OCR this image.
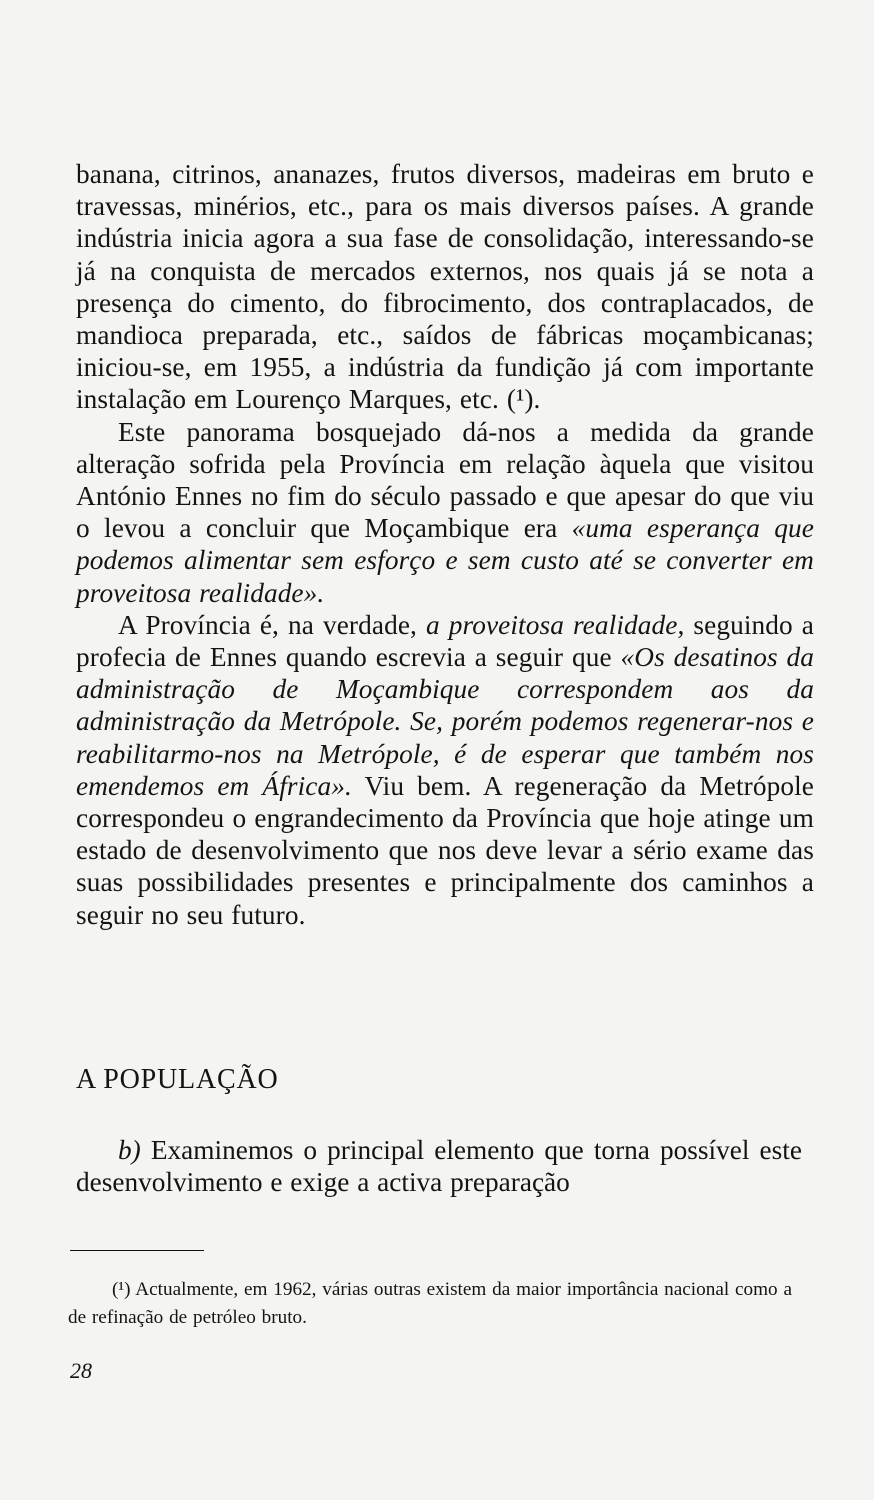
banana, citrinos, ananazes, frutos diversos, madeiras em bruto e travessas, minérios, etc., para os mais diversos países. A grande indústria inicia agora a sua fase de consolidação, interessando-se já na conquista de mercados externos, nos quais já se nota a presença do cimento, do fibrocimento, dos contraplacados, de mandioca preparada, etc., saídos de fábricas moçambicanas; iniciou-se, em 1955, a indústria da fundição já com importante instalação em Lourenço Marques, etc. (¹).

Este panorama bosquejado dá-nos a medida da grande alteração sofrida pela Província em relação àquela que visitou António Ennes no fim do século passado e que apesar do que viu o levou a concluir que Moçambique era «uma esperança que podemos alimentar sem esforço e sem custo até se converter em proveitosa realidade».

A Província é, na verdade, a proveitosa realidade, seguindo a profecia de Ennes quando escrevia a seguir que «Os desatinos da administração de Moçambique correspondem aos da administração da Metrópole. Se, porém podemos regenerar-nos e reabilitarmo-nos na Metrópole, é de esperar que também nos emendemos em África». Viu bem. A regeneração da Metrópole correspondeu o engrandecimento da Província que hoje atinge um estado de desenvolvimento que nos deve levar a sério exame das suas possibilidades presentes e principalmente dos caminhos a seguir no seu futuro.

A POPULAÇÃO

b) Examinemos o principal elemento que torna possível este desenvolvimento e exige a activa preparação

(¹) Actualmente, em 1962, várias outras existem da maior importância nacional como a de refinação de petróleo bruto.

28
